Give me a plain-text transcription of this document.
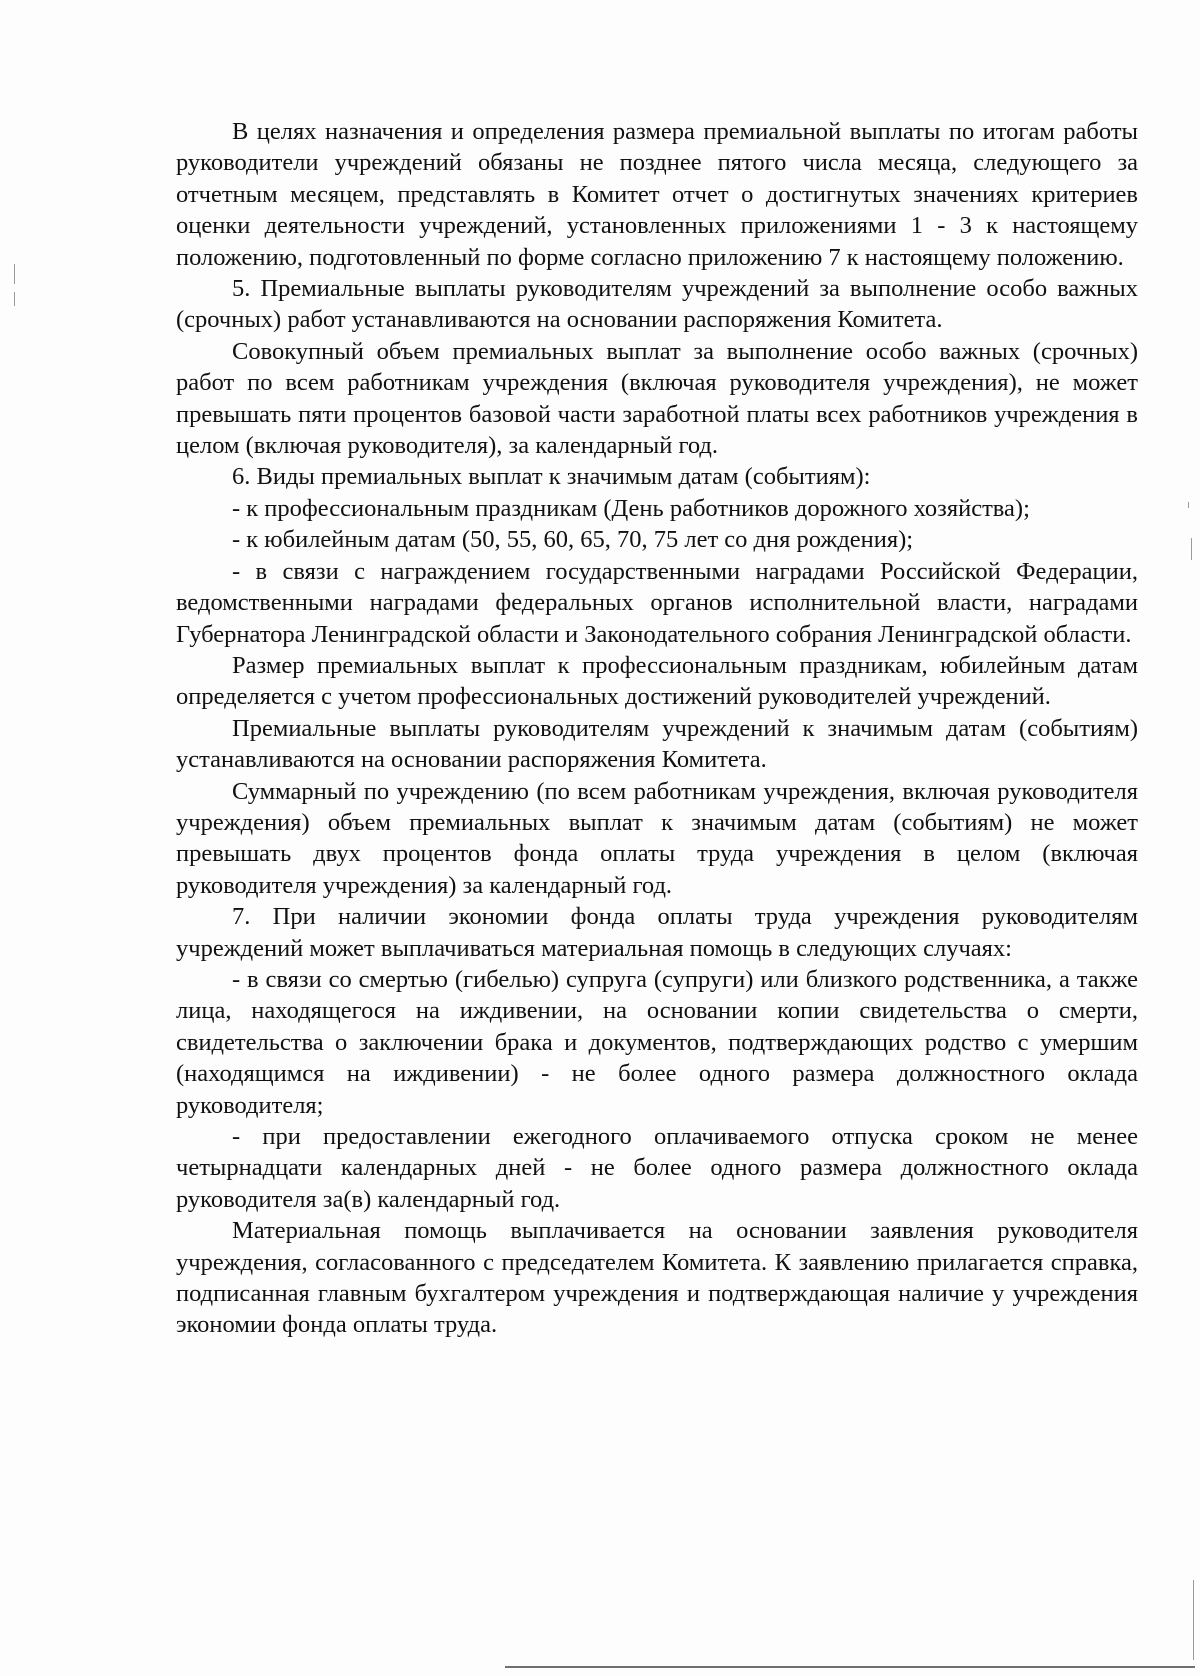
В целях назначения и определения размера премиальной выплаты по итогам работы руководители учреждений обязаны не позднее пятого числа месяца, следующего за отчетным месяцем, представлять в Комитет отчет о достигнутых значениях критериев оценки деятельности учреждений, установленных приложениями 1 - 3 к настоящему положению, подготовленный по форме согласно приложению 7 к настоящему положению.

5. Премиальные выплаты руководителям учреждений за выполнение особо важных (срочных) работ устанавливаются на основании распоряжения Комитета.

Совокупный объем премиальных выплат за выполнение особо важных (срочных) работ по всем работникам учреждения (включая руководителя учреждения), не может превышать пяти процентов базовой части заработной платы всех работников учреждения в целом (включая руководителя), за календарный год.

6. Виды премиальных выплат к значимым датам (событиям):

- к профессиональным праздникам (День работников дорожного хозяйства);

- к юбилейным датам (50, 55, 60, 65, 70, 75 лет со дня рождения);

- в связи с награждением государственными наградами Российской Федерации, ведомственными наградами федеральных органов исполнительной власти, наградами Губернатора Ленинградской области и Законодательного собрания Ленинградской области.

Размер премиальных выплат к профессиональным праздникам, юбилейным датам определяется с учетом профессиональных достижений руководителей учреждений.

Премиальные выплаты руководителям учреждений к значимым датам (событиям) устанавливаются на основании распоряжения Комитета.

Суммарный по учреждению (по всем работникам учреждения, включая руководителя учреждения) объем премиальных выплат к значимым датам (событиям) не может превышать двух процентов фонда оплаты труда учреждения в целом (включая руководителя учреждения) за календарный год.

7. При наличии экономии фонда оплаты труда учреждения руководителям учреждений может выплачиваться материальная помощь в следующих случаях:

- в связи со смертью (гибелью) супруга (супруги) или близкого родственника, а также лица, находящегося на иждивении, на основании копии свидетельства о смерти, свидетельства о заключении брака и документов, подтверждающих родство с умершим (находящимся на иждивении) - не более одного размера должностного оклада руководителя;

- при предоставлении ежегодного оплачиваемого отпуска сроком не менее четырнадцати календарных дней - не более одного размера должностного оклада руководителя за(в) календарный год.

Материальная помощь выплачивается на основании заявления руководителя учреждения, согласованного с председателем Комитета. К заявлению прилагается справка, подписанная главным бухгалтером учреждения и подтверждающая наличие у учреждения экономии фонда оплаты труда.
